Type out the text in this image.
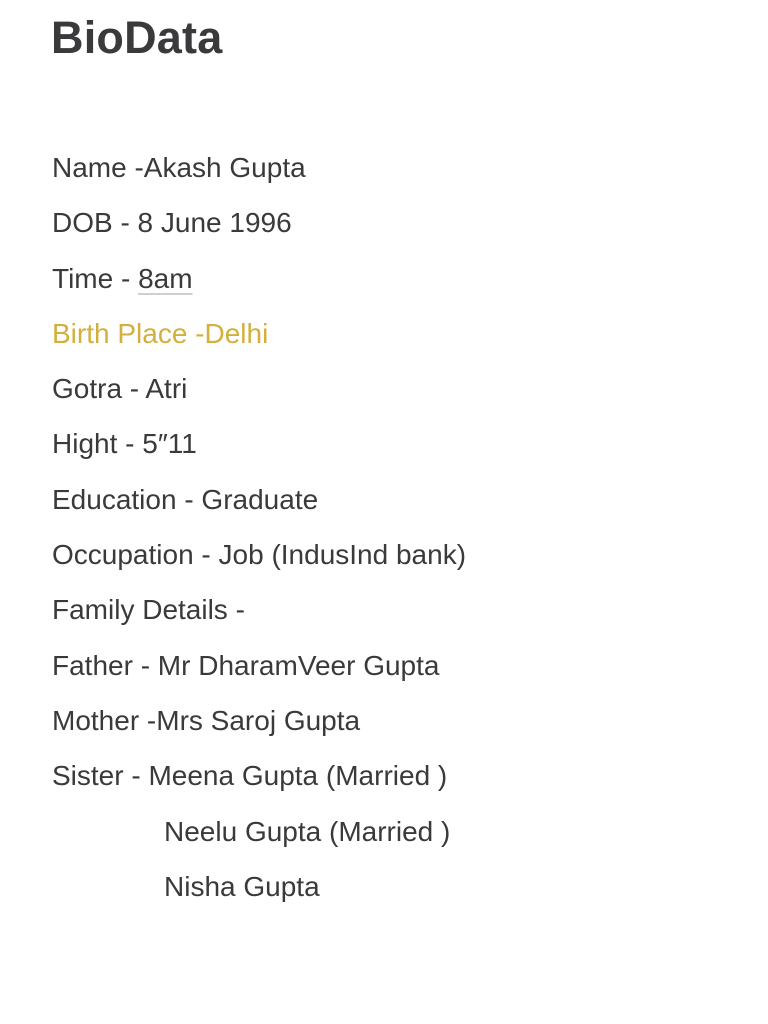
BioData
Name -Akash Gupta
DOB - 8 June 1996
Time - 8am
Birth Place -Delhi
Gotra - Atri
Hight - 5″11
Education - Graduate
Occupation - Job (IndusInd bank)
Family Details -
Father - Mr DharamVeer Gupta
Mother -Mrs Saroj Gupta
Sister - Meena Gupta (Married )
Neelu Gupta (Married )
Nisha Gupta
